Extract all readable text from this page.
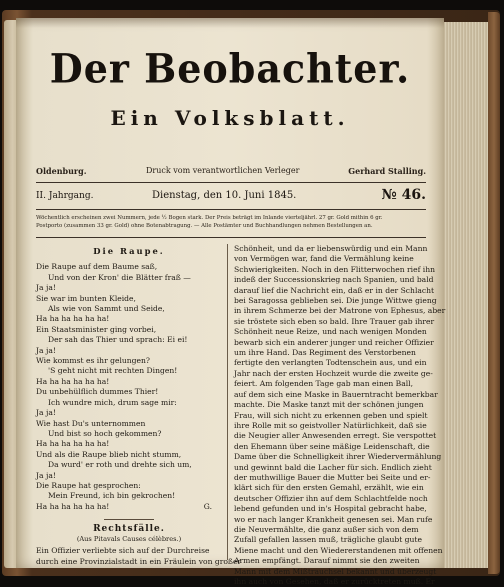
Der Beobachter.
Ein Volksblatt.
Oldenburg.	Druck vom verantwortlichen Verleger	Gerhard Stalling.
II. Jahrgang.	Dienstag, den 10. Juni 1845.	№ 46.
Wöchentlich erscheinen zwei Nummern, jede ½ Bogen stark. Der Preis beträgt im Inlande vierteljährl. 27 gr. Gold mithin 6 gr.
Postporto (zusammen 33 gr. Gold) ohne Botenabtragung. — Alle Postämter und Buchhandlungen nehmen Bestellungen an.
Die Raupe.
Die Raupe auf dem Baume saß,
Und von der Kron' die Blätter fraß —
Ja ja!
Sie war im bunten Kleide,
Als wie von Sammt und Seide,
Ha ha ha ha ha ha!
Ein Staatsminister ging vorbei,
Der sah das Thier und sprach: Ei ei!
Ja ja!
Wie kommst es ihr gelungen?
'S geht nicht mit rechten Dingen!
Ha ha ha ha ha ha!
Du unbehülflich dummes Thier!
Ich wundre mich, drum sage mir:
Ja ja!
Wie hast Du's unternommen
Und bist so hoch gekommen?
Ha ha ha ha ha ha!
Und als die Raupe blieb nicht stumm,
Da wurd' er roth und drehte sich um,
Ja ja!
Die Raupe hat gesprochen:
Mein Freund, ich bin gekrochen!
Ha ha ha ha ha ha!	G.
Rechtsfälle.
(Aus Pitavals Causes célèbres.)
Ein Offizier verliebte sich auf der Durchreise
durch eine Provinzialstadt in ein Fräulein von großer
Schönheit, und da er liebenswürdig und ein Mann
von Vermögen war, fand die Vermählung keine
Schwierigkeiten. Noch in den Flitterwochen rief ihn
indeß der Successionskrieg nach Spanien, und bald
darauf lief die Nachricht ein, daß er in der Schlacht
bei Saragossa geblieben sei. Die junge Wittwe gieng
in ihrem Schmerze bei der Matrone von Ephesus, aber
sie tröstete sich eben so bald. Ihre Trauer gab ihrer
Schönheit neue Reize, und nach wenigen Monden
bewarb sich ein anderer junger und reicher Offizier
um ihre Hand. Das Regiment des Verstorbenen
fertigte den verlangten Todtenschein aus, und ein
Jahr nach der ersten Hochzeit wurde die zweite ge-
feiert. Am folgenden Tage gab man einen Ball,
auf dem sich eine Maske in Bauerntracht bemerkbar
machte. Die Maske tanzt mit der schönen jungen
Frau, will sich nicht zu erkennen geben und spielt
ihre Rolle mit so geistvoller Natürlichkeit, daß sie
die Neugier aller Anwesenden erregt. Sie verspottet
den Ehemann über seine mäßige Leidenschaft, die
Dame über die Schnelligkeit ihrer Wiedervermählung
und gewinnt bald die Lacher für sich. Endlich zieht
der muthwillige Bauer die Mutter bei Seite und er-
klärt sich für den ersten Gemahl, erzählt, wie ein
deutscher Offizier ihn auf dem Schlachtfelde noch
lebend gefunden und in's Hospital gebracht habe,
wo er nach langer Krankheit genesen sei. Man rufe
die Neuvermählte, die ganz außer sich von dem
Zufall gefallen lassen muß, trägliche glaubt gute
Miene macht und den Wiedererstandenen mit offenen
Armen empfängt. Darauf nimmt sie den zweiten
Mann mit dem Mißtrauchsel bekannt und überzeugt
ihn auch von Gesehen, daß er zurücktreten muß. Er
